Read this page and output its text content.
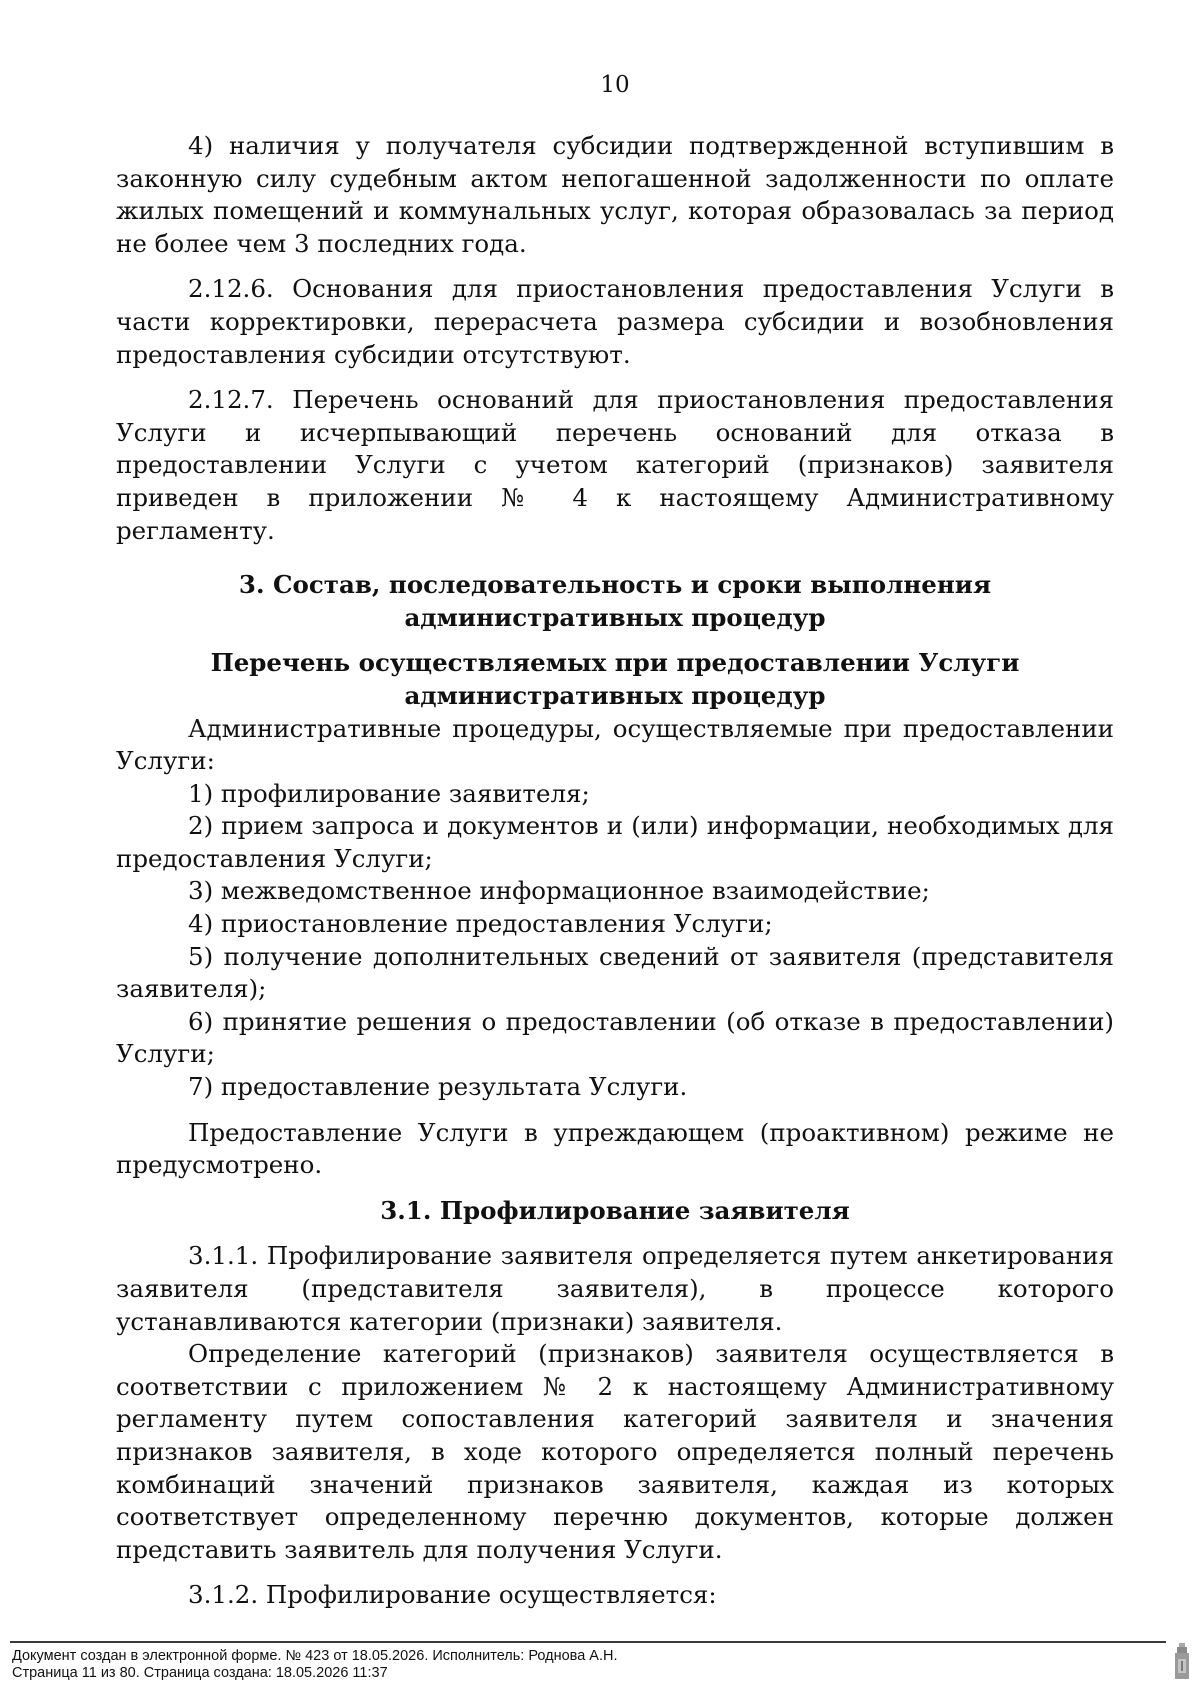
10

4) наличия у получателя субсидии подтвержденной вступившим в законную силу судебным актом непогашенной задолженности по оплате жилых помещений и коммунальных услуг, которая образовалась за период не более чем 3 последних года.

2.12.6. Основания для приостановления предоставления Услуги в части корректировки, перерасчета размера субсидии и возобновления предоставления субсидии отсутствуют.

2.12.7. Перечень оснований для приостановления предоставления Услуги и исчерпывающий перечень оснований для отказа в предоставлении Услуги с учетом категорий (признаков) заявителя приведен в приложении № 4 к настоящему Административному регламенту.

3. Состав, последовательность и сроки выполнения административных процедур

Перечень осуществляемых при предоставлении Услуги административных процедур

Административные процедуры, осуществляемые при предоставлении Услуги:

1) профилирование заявителя;

2) прием запроса и документов и (или) информации, необходимых для предоставления Услуги;

3) межведомственное информационное взаимодействие;

4) приостановление предоставления Услуги;

5) получение дополнительных сведений от заявителя (представителя заявителя);

6) принятие решения о предоставлении (об отказе в предоставлении) Услуги;

7) предоставление результата Услуги.

Предоставление Услуги в упреждающем (проактивном) режиме не предусмотрено.

3.1. Профилирование заявителя

3.1.1. Профилирование заявителя определяется путем анкетирования заявителя (представителя заявителя), в процессе которого устанавливаются категории (признаки) заявителя.

Определение категорий (признаков) заявителя осуществляется в соответствии с приложением № 2 к настоящему Административному регламенту путем сопоставления категорий заявителя и значения признаков заявителя, в ходе которого определяется полный перечень комбинаций значений признаков заявителя, каждая из которых соответствует определенному перечню документов, которые должен представить заявитель для получения Услуги.

3.1.2. Профилирование осуществляется:

Документ создан в электронной форме. № 423 от 18.05.2026. Исполнитель: Роднова А.Н.
Страница 11 из 80. Страница создана: 18.05.2026 11:37
